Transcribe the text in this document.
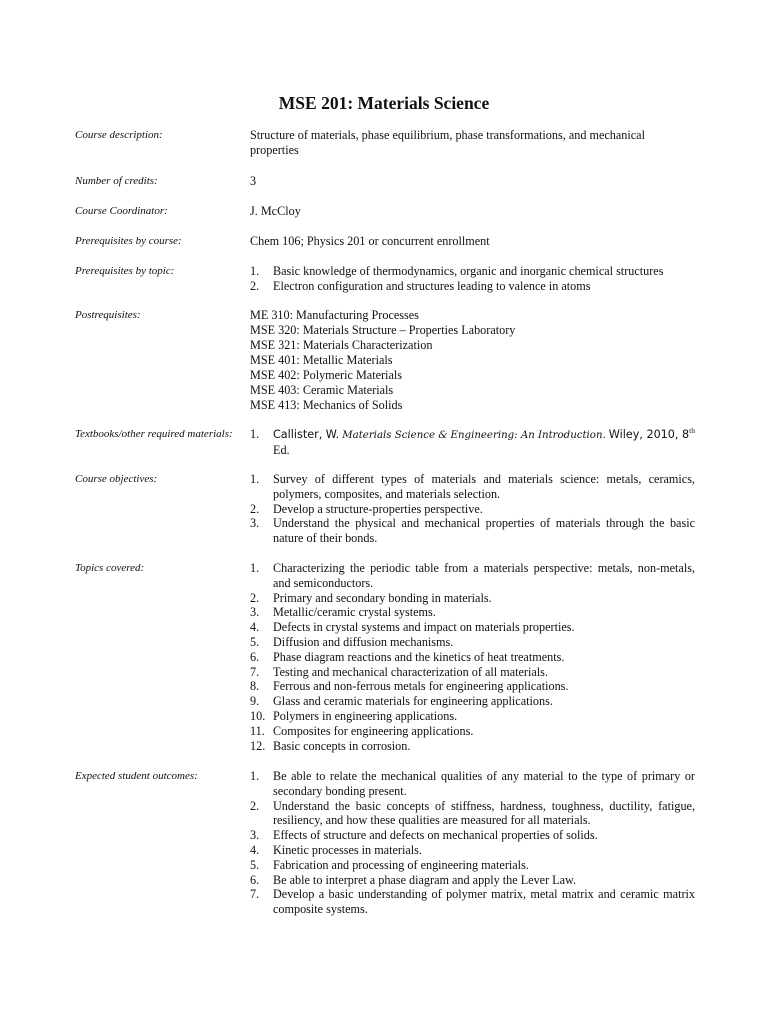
MSE 201: Materials Science
Course description:	Structure of materials, phase equilibrium, phase transformations, and mechanical properties
Number of credits:	3
Course Coordinator:	J. McCloy
Prerequisites by course:	Chem 106; Physics 201 or concurrent enrollment
Prerequisites by topic:	1. Basic knowledge of thermodynamics, organic and inorganic chemical structures
2. Electron configuration and structures leading to valence in atoms
Postrequisites:	ME 310: Manufacturing Processes
MSE 320: Materials Structure – Properties Laboratory
MSE 321: Materials Characterization
MSE 401: Metallic Materials
MSE 402: Polymeric Materials
MSE 403: Ceramic Materials
MSE 413: Mechanics of Solids
Textbooks/other required materials:	1. Callister, W. Materials Science & Engineering: An Introduction. Wiley, 2010, 8th
Ed.
Course objectives:	1. Survey of different types of materials and materials science: metals, ceramics, polymers, composites, and materials selection.
2. Develop a structure-properties perspective.
3. Understand the physical and mechanical properties of materials through the basic nature of their bonds.
Topics covered:	1. Characterizing the periodic table from a materials perspective: metals, non-metals, and semiconductors.
2. Primary and secondary bonding in materials.
3. Metallic/ceramic crystal systems.
4. Defects in crystal systems and impact on materials properties.
5. Diffusion and diffusion mechanisms.
6. Phase diagram reactions and the kinetics of heat treatments.
7. Testing and mechanical characterization of all materials.
8. Ferrous and non-ferrous metals for engineering applications.
9. Glass and ceramic materials for engineering applications.
10. Polymers in engineering applications.
11. Composites for engineering applications.
12. Basic concepts in corrosion.
Expected student outcomes:	1. Be able to relate the mechanical qualities of any material to the type of primary or secondary bonding present.
2. Understand the basic concepts of stiffness, hardness, toughness, ductility, fatigue, resiliency, and how these qualities are measured for all materials.
3. Effects of structure and defects on mechanical properties of solids.
4. Kinetic processes in materials.
5. Fabrication and processing of engineering materials.
6. Be able to interpret a phase diagram and apply the Lever Law.
7. Develop a basic understanding of polymer matrix, metal matrix and ceramic matrix composite systems.
